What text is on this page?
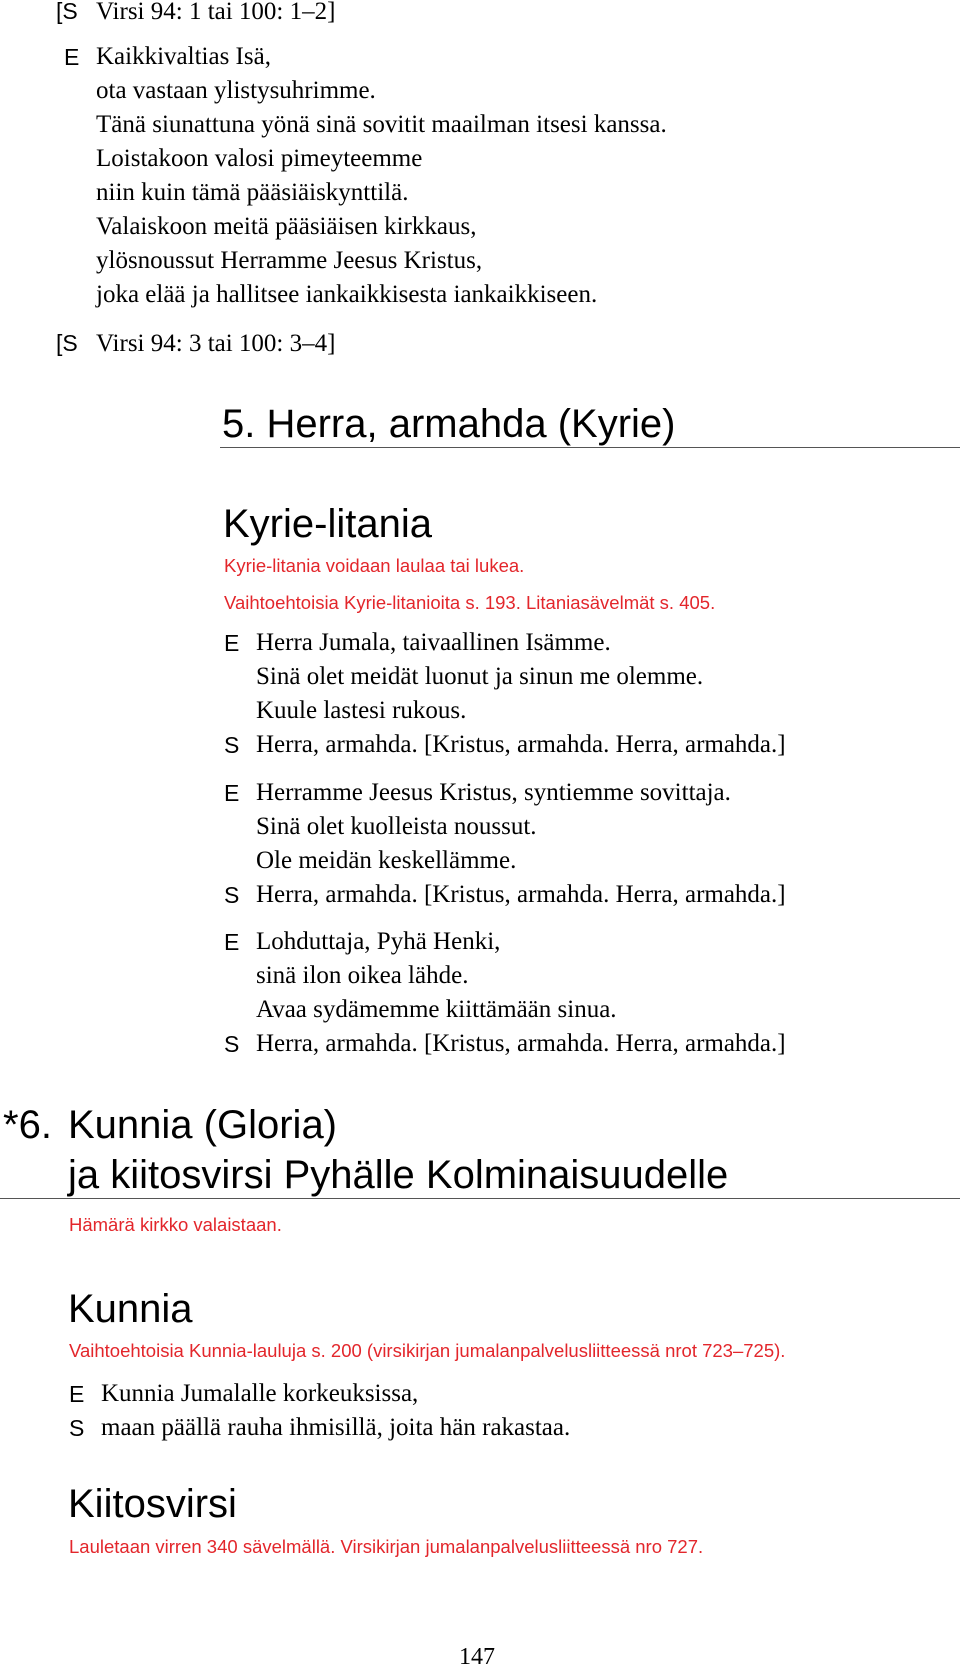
[S Virsi 94: 1 tai 100: 1–2]
E Kaikkivaltias Isä,
ota vastaan ylistysuhrimme.
Tänä siunattuna yönä sinä sovitit maailman itsesi kanssa.
Loistakoon valosi pimeyteemme
niin kuin tämä pääsiäiskynttilä.
Valaiskoon meitä pääsiäisen kirkkaus,
ylösnoussut Herramme Jeesus Kristus,
joka elää ja hallitsee iankaikkisesta iankaikkiseen.
[S Virsi 94: 3 tai 100: 3–4]
5. Herra, armahda (Kyrie)
Kyrie-litania
Kyrie-litania voidaan laulaa tai lukea.
Vaihtoehtoisia Kyrie-litanioita s. 193. Litaniasävelmät s. 405.
E Herra Jumala, taivaallinen Isämme.
Sinä olet meidät luonut ja sinun me olemme.
Kuule lastesi rukous.
S Herra, armahda. [Kristus, armahda. Herra, armahda.]
E Herramme Jeesus Kristus, syntiemme sovittaja.
Sinä olet kuolleista noussut.
Ole meidän keskellämme.
S Herra, armahda. [Kristus, armahda. Herra, armahda.]
E Lohduttaja, Pyhä Henki,
sinä ilon oikea lähde.
Avaa sydämemme kiittämään sinua.
S Herra, armahda. [Kristus, armahda. Herra, armahda.]
*6. Kunnia (Gloria)
ja kiitosvirsi Pyhälle Kolminaisuudelle
Hämärä kirkko valaistaan.
Kunnia
Vaihtoehtoisia Kunnia-lauluja s. 200 (virsikirjan jumalanpalvelusliitteessä nrot 723–725).
E Kunnia Jumalalle korkeuksissa,
S maan päällä rauha ihmisillä, joita hän rakastaa.
Kiitosvirsi
Lauletaan virren 340 sävelmällä. Virsikirjan jumalanpalvelusliitteessä nro 727.
147
